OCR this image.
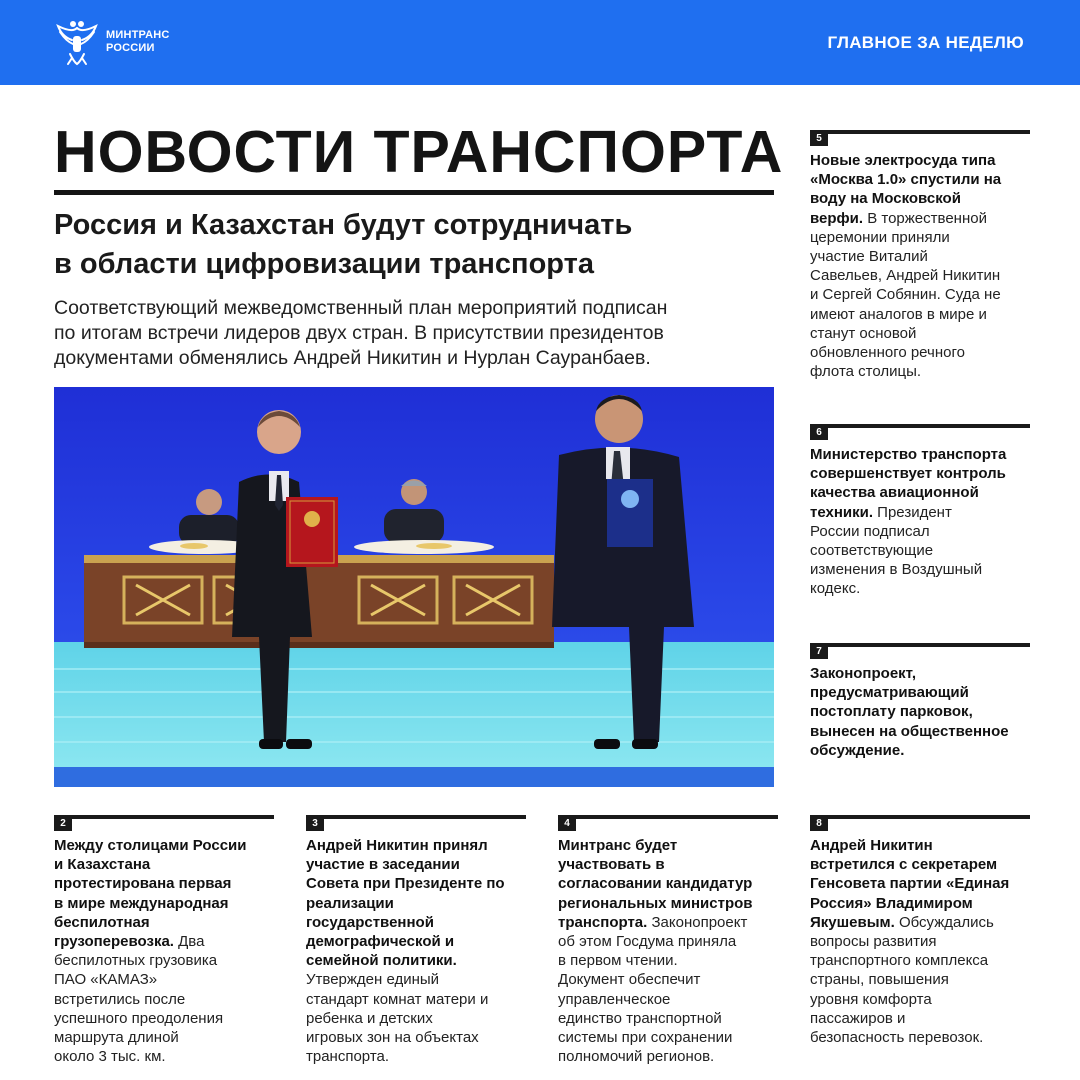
МИНТРАНС
РОССИИ	ГЛАВНОЕ ЗА НЕДЕЛЮ
НОВОСТИ ТРАНСПОРТА
Россия и Казахстан будут сотрудничать
в области цифровизации транспорта
Соответствующий межведомственный план мероприятий подписан
по итогам встречи лидеров двух стран. В присутствии президентов
документами обменялись Андрей Никитин и Нурлан Сауранбаев.
5
Новые электросуда типа
«Москва 1.0» спустили на
воду на Московской
верфи. В торжественной
церемонии приняли
участие Виталий
Савельев, Андрей Никитин
и Сергей Собянин. Суда не
имеют аналогов в мире и
станут основой
обновленного речного
флота столицы.
6
Министерство транспорта
совершенствует контроль
качества авиационной
техники. Президент
России подписал
соответствующие
изменения в Воздушный
кодекс.
7
Законопроект,
предусматривающий
постоплату парковок,
вынесен на общественное
обсуждение.
2
Между столицами России
и Казахстана
протестирована первая
в мире международная
беспилотная
грузоперевозка. Два
беспилотных грузовика
ПАО «КАМАЗ»
встретились после
успешного преодоления
маршрута длиной
около 3 тыс. км.
3
Андрей Никитин принял
участие в заседании
Совета при Президенте по
реализации
государственной
демографической и
семейной политики.
Утвержден единый
стандарт комнат матери и
ребенка и детских
игровых зон на объектах
транспорта.
4
Минтранс будет
участвовать в
согласовании кандидатур
региональных министров
транспорта. Законопроект
об этом Госдума приняла
в первом чтении.
Документ обеспечит
управленческое
единство транспортной
системы при сохранении
полномочий регионов.
8
Андрей Никитин
встретился с секретарем
Генсовета партии «Единая
Россия» Владимиром
Якушевым. Обсуждались
вопросы развития
транспортного комплекса
страны, повышения
уровня комфорта
пассажиров и
безопасность перевозок.
